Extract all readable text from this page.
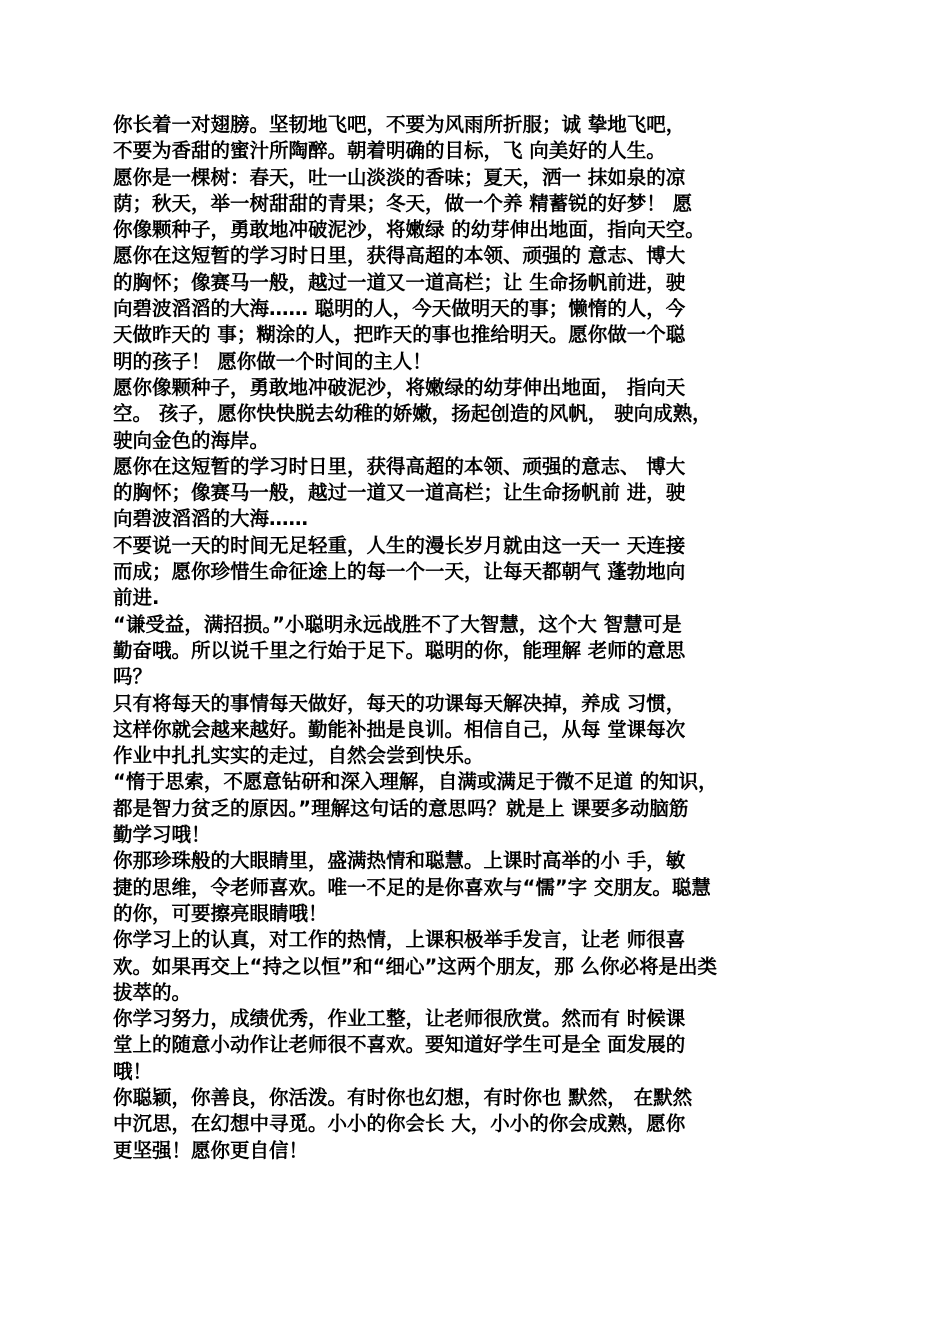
你长着一对翅膀。坚韧地飞吧，不要为风雨所折服；诚 挚地飞吧，
不要为香甜的蜜汁所陶醉。朝着明确的目标，飞 向美好的人生。
愿你是一棵树：春天，吐一山淡淡的香味；夏天，洒一 抹如泉的凉
荫；秋天，举一树甜甜的青果；冬天，做一个养 精蓄锐的好梦！ 愿
你像颗种子，勇敢地冲破泥沙，将嫩绿 的幼芽伸出地面，指向天空。
愿你在这短暂的学习时日里，获得高超的本领、顽强的 意志、博大
的胸怀；像赛马一般，越过一道又一道高栏；让 生命扬帆前进，驶
向碧波滔滔的大海…… 聪明的人，今天做明天的事；懒惰的人，今
天做昨天的 事；糊涂的人，把昨天的事也推给明天。愿你做一个聪
明的孩子！ 愿你做一个时间的主人！
愿你像颗种子，勇敢地冲破泥沙，将嫩绿的幼芽伸出地面， 指向天
空。 孩子，愿你快快脱去幼稚的娇嫩，扬起创造的风帆， 驶向成熟，
驶向金色的海岸。
愿你在这短暂的学习时日里，获得高超的本领、顽强的意志、 博大
的胸怀；像赛马一般，越过一道又一道高栏；让生命扬帆前 进，驶
向碧波滔滔的大海……
不要说一天的时间无足轻重，人生的漫长岁月就由这一天一 天连接
而成；愿你珍惜生命征途上的每一个一天，让每天都朝气 蓬勃地向
前进.
“谦受益，满招损。”小聪明永远战胜不了大智慧，这个大 智慧可是
勤奋哦。所以说千里之行始于足下。聪明的你，能理解 老师的意思
吗？
只有将每天的事情每天做好，每天的功课每天解决掉，养成 习惯，
这样你就会越来越好。勤能补拙是良训。相信自己，从每 堂课每次
作业中扎扎实实的走过，自然会尝到快乐。
“惰于思索，不愿意钻研和深入理解，自满或满足于微不足道 的知识，
都是智力贫乏的原因。”理解这句话的意思吗？就是上 课要多动脑筋
勤学习哦！
你那珍珠般的大眼睛里，盛满热情和聪慧。上课时高举的小 手，敏
捷的思维，令老师喜欢。唯一不足的是你喜欢与“懦”字 交朋友。聪慧
的你，可要擦亮眼睛哦！
你学习上的认真，对工作的热情，上课积极举手发言，让老 师很喜
欢。如果再交上“持之以恒”和“细心”这两个朋友，那 么你必将是出类
拔萃的。
你学习努力，成绩优秀，作业工整，让老师很欣赏。然而有 时候课
堂上的随意小动作让老师很不喜欢。要知道好学生可是全 面发展的
哦！
你聪颖，你善良，你活泼。有时你也幻想，有时你也 默然， 在默然
中沉思，在幻想中寻觅。小小的你会长 大，小小的你会成熟，愿你
更坚强！愿你更自信！
